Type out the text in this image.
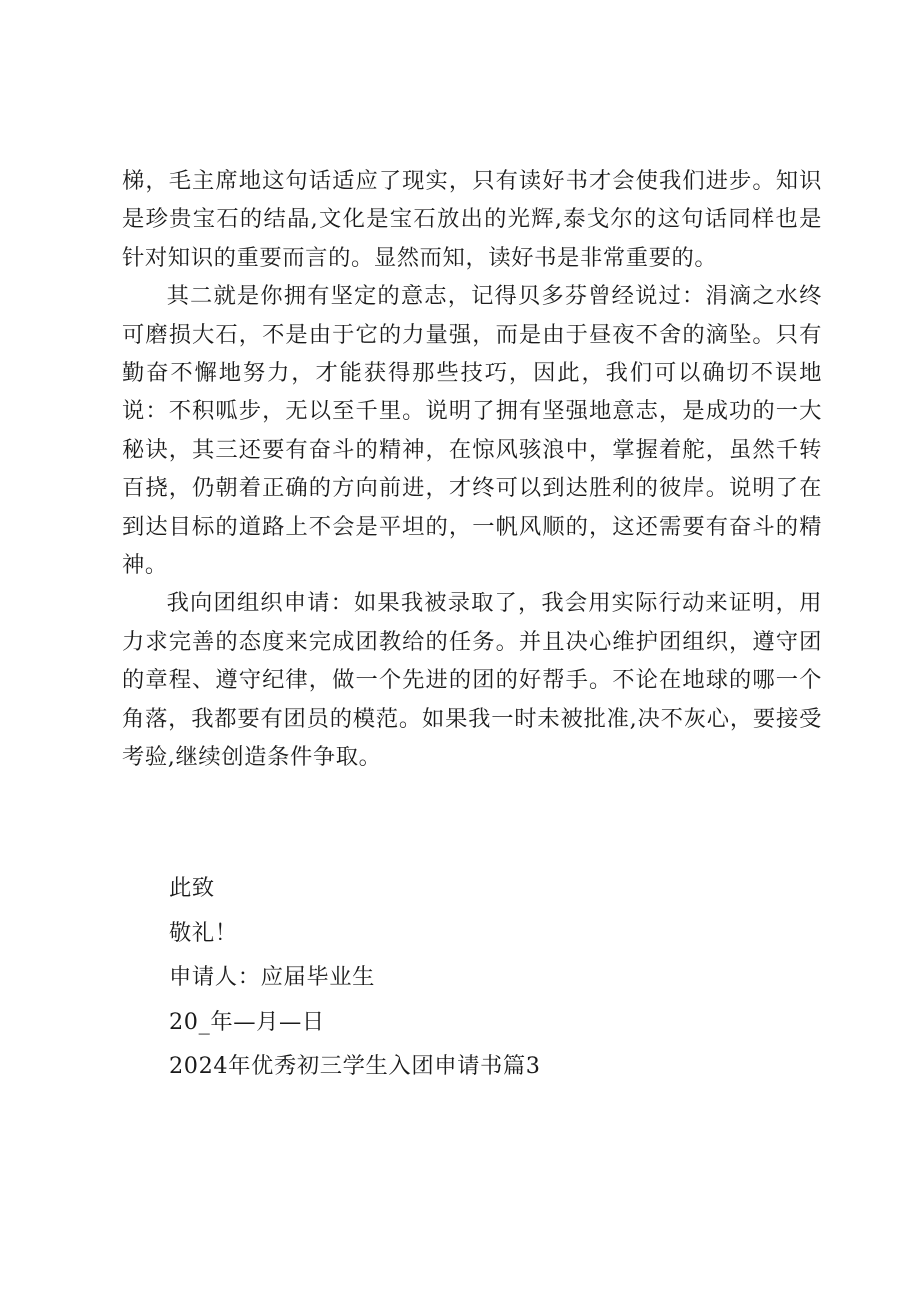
梯，毛主席地这句话适应了现实，只有读好书才会使我们进步。知识是珍贵宝石的结晶,文化是宝石放出的光辉,泰戈尔的这句话同样也是针对知识的重要而言的。显然而知，读好书是非常重要的。

其二就是你拥有坚定的意志，记得贝多芬曾经说过：涓滴之水终可磨损大石，不是由于它的力量强，而是由于昼夜不舍的滴坠。只有勤奋不懈地努力，才能获得那些技巧，因此，我们可以确切不误地说：不积呱步，无以至千里。说明了拥有坚强地意志，是成功的一大秘诀，其三还要有奋斗的精神，在惊风骇浪中，掌握着舵，虽然千转百挠，仍朝着正确的方向前进，才终可以到达胜利的彼岸。说明了在到达目标的道路上不会是平坦的，一帆风顺的，这还需要有奋斗的精神。

我向团组织申请：如果我被录取了，我会用实际行动来证明，用力求完善的态度来完成团教给的任务。并且决心维护团组织，遵守团的章程、遵守纪律，做一个先进的团的好帮手。不论在地球的哪一个角落，我都要有团员的模范。如果我一时未被批准,决不灰心，要接受考验,继续创造条件争取。

此致
敬礼！
申请人：应届毕业生
20_年—月—日
2024年优秀初三学生入团申请书篇3
